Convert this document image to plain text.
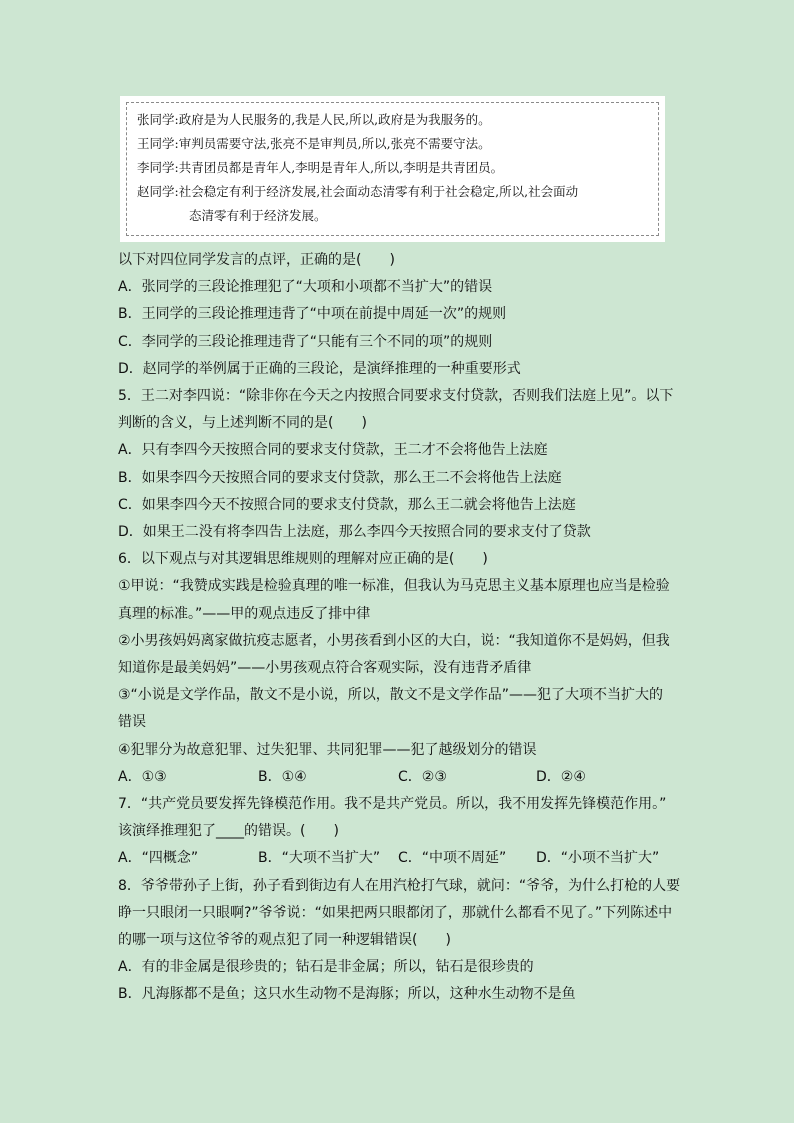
张同学:政府是为人民服务的,我是人民,所以,政府是为我服务的。
王同学:审判员需要守法,张亮不是审判员,所以,张亮不需要守法。
李同学:共青团员都是青年人,李明是青年人,所以,李明是共青团员。
赵同学:社会稳定有利于经济发展,社会面动态清零有利于社会稳定,所以,社会面动
态清零有利于经济发展。
以下对四位同学发言的点评，正确的是(　　)
A．张同学的三段论推理犯了“大项和小项都不当扩大”的错误
B．王同学的三段论推理违背了“中项在前提中周延一次”的规则
C．李同学的三段论推理违背了“只能有三个不同的项”的规则
D．赵同学的举例属于正确的三段论，是演绎推理的一种重要形式
5．王二对李四说：“除非你在今天之内按照合同要求支付贷款，否则我们法庭上见”。以下
判断的含义，与上述判断不同的是(　　)
A．只有李四今天按照合同的要求支付贷款，王二才不会将他告上法庭
B．如果李四今天按照合同的要求支付贷款，那么王二不会将他告上法庭
C．如果李四今天不按照合同的要求支付贷款，那么王二就会将他告上法庭
D．如果王二没有将李四告上法庭，那么李四今天按照合同的要求支付了贷款
6．以下观点与对其逻辑思维规则的理解对应正确的是(　　)
①甲说：“我赞成实践是检验真理的唯一标准，但我认为马克思主义基本原理也应当是检验
真理的标准。”——甲的观点违反了排中律
②小男孩妈妈离家做抗疫志愿者，小男孩看到小区的大白，说：“我知道你不是妈妈，但我
知道你是最美妈妈”——小男孩观点符合客观实际，没有违背矛盾律
③“小说是文学作品，散文不是小说，所以，散文不是文学作品”——犯了大项不当扩大的
错误
④犯罪分为故意犯罪、过失犯罪、共同犯罪——犯了越级划分的错误
A．①③	B．①④	C．②③	D．②④
7．“共产党员要发挥先锋模范作用。我不是共产党员。所以，我不用发挥先锋模范作用。”
该演绎推理犯了____的错误。(　　)
A．“四概念”	B．“大项不当扩大”	C．“中项不周延”	D．“小项不当扩大”
8．爷爷带孙子上街，孙子看到街边有人在用汽枪打气球，就问：“爷爷，为什么打枪的人要
睁一只眼闭一只眼啊?”爷爷说：“如果把两只眼都闭了，那就什么都看不见了。”下列陈述中
的哪一项与这位爷爷的观点犯了同一种逻辑错误(　　)
A．有的非金属是很珍贵的；钻石是非金属；所以，钻石是很珍贵的
B．凡海豚都不是鱼；这只水生动物不是海豚；所以，这种水生动物不是鱼
